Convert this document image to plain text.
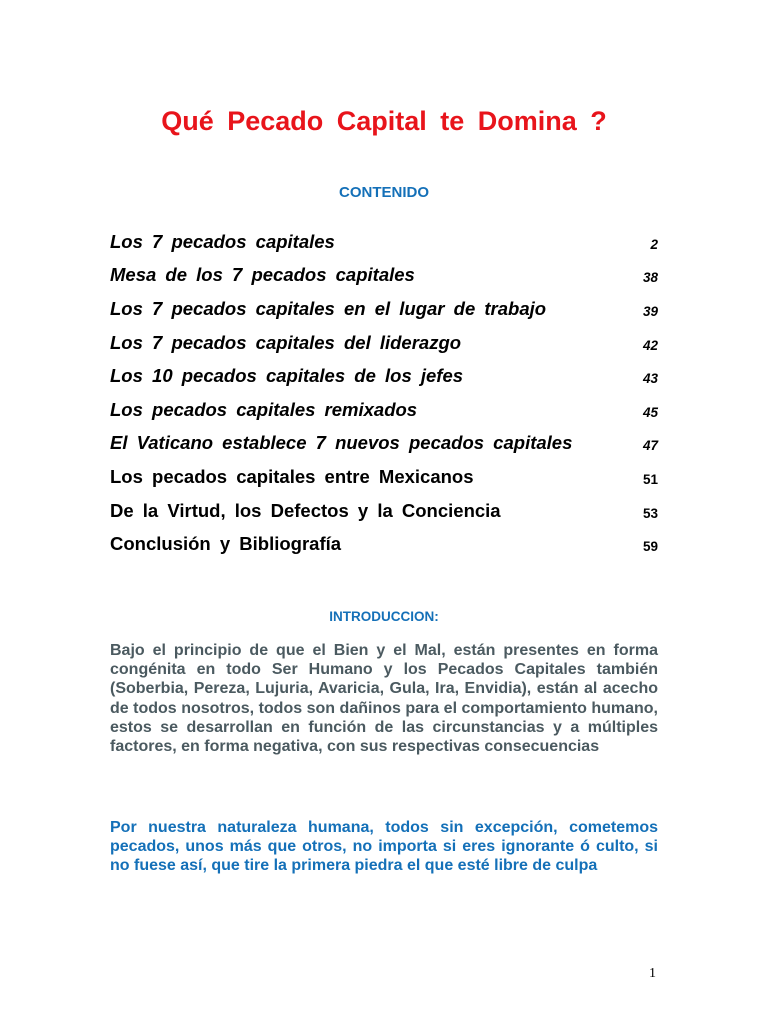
Qué Pecado Capital te Domina ?
CONTENIDO
Los 7 pecados capitales	2
Mesa de los 7 pecados capitales	38
Los 7 pecados capitales en el lugar de trabajo	39
Los 7 pecados capitales del liderazgo	42
Los 10 pecados capitales de los jefes	43
Los pecados capitales remixados	45
El Vaticano establece 7 nuevos pecados capitales	47
Los pecados capitales entre Mexicanos	51
De la Virtud, los Defectos y la Conciencia	53
Conclusión y Bibliografía	59
INTRODUCCION:

Bajo el principio de que el Bien y el Mal, están presentes en forma congénita en todo Ser Humano y los Pecados Capitales también (Soberbia, Pereza, Lujuria, Avaricia, Gula, Ira, Envidia), están al acecho de todos nosotros, todos son dañinos para el comportamiento humano, estos se desarrollan en función de las circunstancias y a múltiples factores, en forma negativa, con sus respectivas consecuencias

Por nuestra naturaleza humana, todos sin excepción, cometemos pecados, unos más que otros, no importa si eres ignorante ó culto, si no fuese así, que tire la primera piedra el que esté libre de culpa

1
